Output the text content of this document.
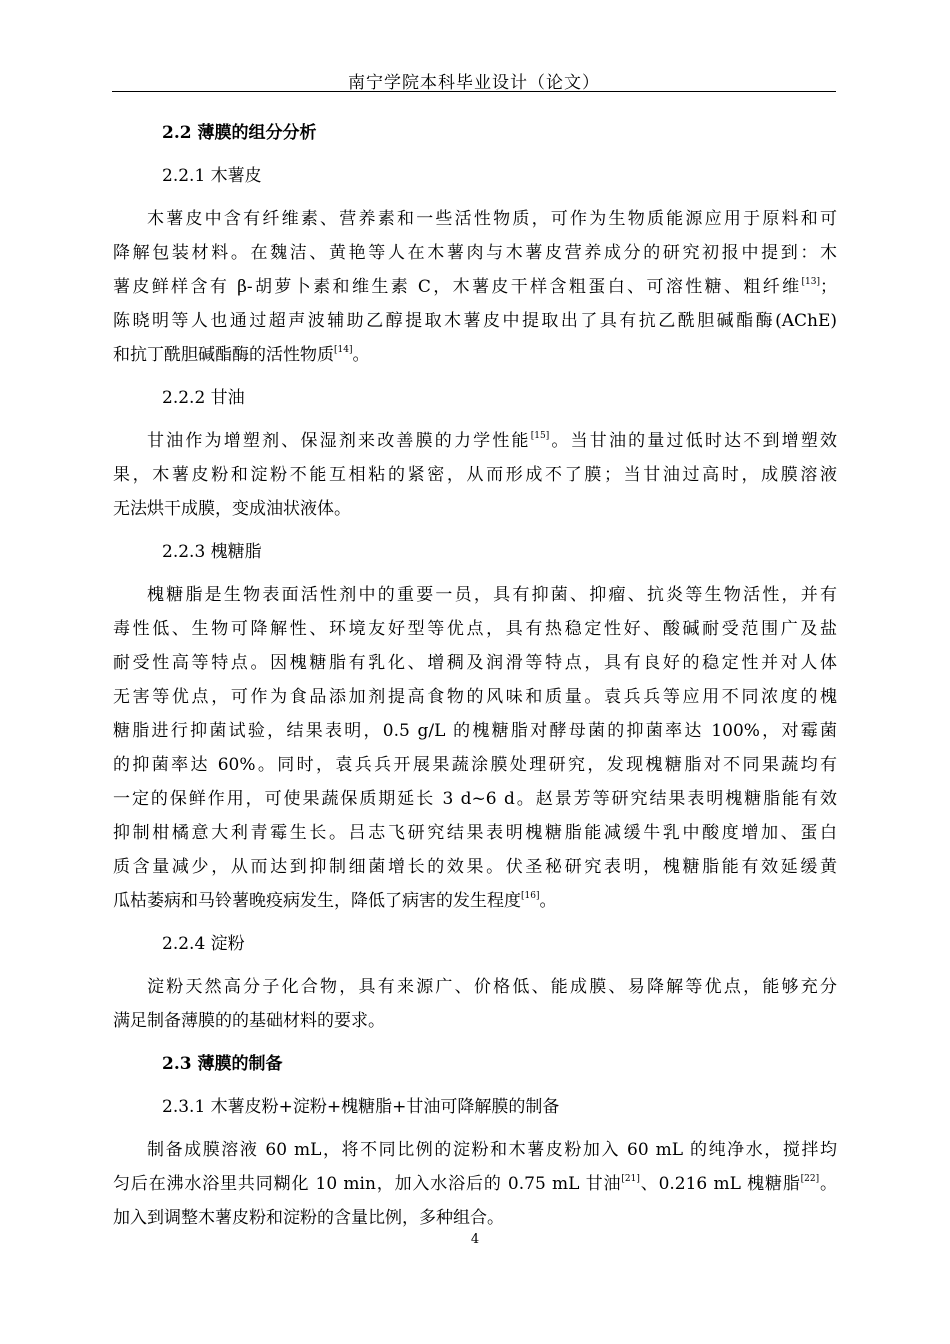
南宁学院本科毕业设计（论文）
2.2 薄膜的组分分析
2.2.1 木薯皮
木薯皮中含有纤维素、营养素和一些活性物质，可作为生物质能源应用于原料和可
降解包装材料。在魏洁、黄艳等人在木薯肉与木薯皮营养成分的研究初报中提到：木
薯皮鲜样含有 β-胡萝卜素和维生素 C，木薯皮干样含粗蛋白、可溶性糖、粗纤维[13]；
陈晓明等人也通过超声波辅助乙醇提取木薯皮中提取出了具有抗乙酰胆碱酯酶(AChE)
和抗丁酰胆碱酯酶的活性物质[14]。
2.2.2 甘油
甘油作为增塑剂、保湿剂来改善膜的力学性能[15]。当甘油的量过低时达不到增塑效
果，木薯皮粉和淀粉不能互相粘的紧密，从而形成不了膜；当甘油过高时，成膜溶液
无法烘干成膜，变成油状液体。
2.2.3 槐糖脂
槐糖脂是生物表面活性剂中的重要一员，具有抑菌、抑瘤、抗炎等生物活性，并有
毒性低、生物可降解性、环境友好型等优点，具有热稳定性好、酸碱耐受范围广及盐
耐受性高等特点。因槐糖脂有乳化、增稠及润滑等特点，具有良好的稳定性并对人体
无害等优点，可作为食品添加剂提高食物的风味和质量。袁兵兵等应用不同浓度的槐
糖脂进行抑菌试验，结果表明，0.5 g/L 的槐糖脂对酵母菌的抑菌率达 100%，对霉菌
的抑菌率达 60%。同时，袁兵兵开展果蔬涂膜处理研究，发现槐糖脂对不同果蔬均有
一定的保鲜作用，可使果蔬保质期延长 3 d~6 d。赵景芳等研究结果表明槐糖脂能有效
抑制柑橘意大利青霉生长。吕志飞研究结果表明槐糖脂能减缓牛乳中酸度增加、蛋白
质含量减少，从而达到抑制细菌增长的效果。伏圣秘研究表明，槐糖脂能有效延缓黄
瓜枯萎病和马铃薯晚疫病发生，降低了病害的发生程度[16]。
2.2.4 淀粉
淀粉天然高分子化合物，具有来源广、价格低、能成膜、易降解等优点，能够充分
满足制备薄膜的的基础材料的要求。
2.3 薄膜的制备
2.3.1 木薯皮粉+淀粉+槐糖脂+甘油可降解膜的制备
制备成膜溶液 60 mL，将不同比例的淀粉和木薯皮粉加入 60 mL 的纯净水，搅拌均
匀后在沸水浴里共同糊化 10 min，加入水浴后的 0.75 mL 甘油[21]、0.216 mL 槐糖脂[22]。
加入到调整木薯皮粉和淀粉的含量比例，多种组合。
4
